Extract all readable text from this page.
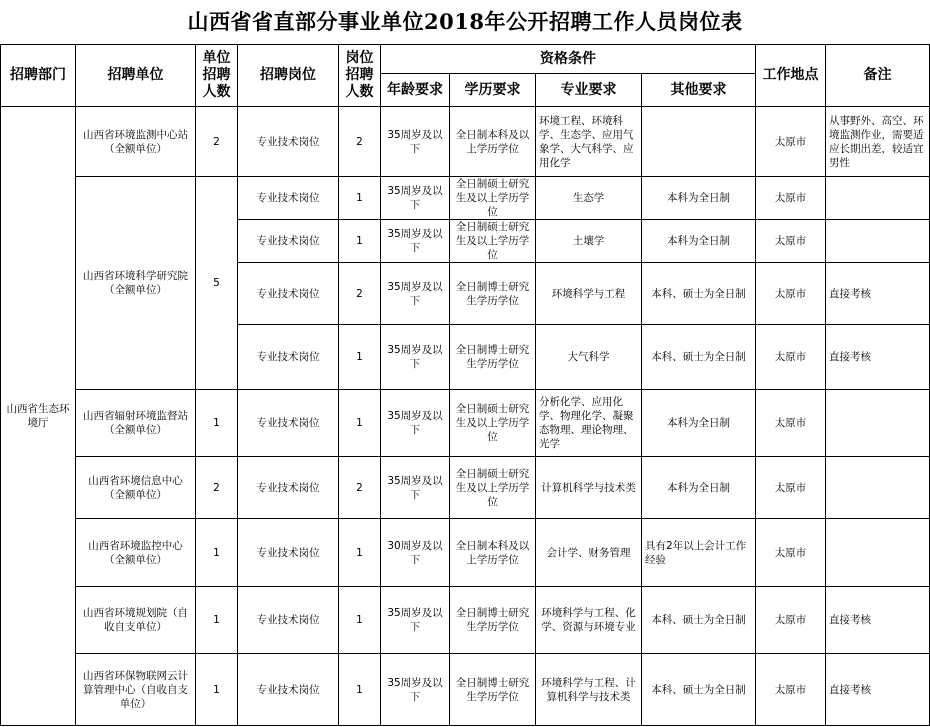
山西省省直部分事业单位2018年公开招聘工作人员岗位表
招聘部门	招聘单位	单位招聘人数	招聘岗位	岗位招聘人数	资格条件				工作地点	备注
					年龄要求	学历要求	专业要求	其他要求		
山西省生态环境厅	山西省环境监测中心站（全额单位）	2	专业技术岗位	2	35周岁及以下	全日制本科及以上学历学位	环境工程、环境科学、生态学、应用气象学、大气科学、应用化学		太原市	从事野外、高空、环境监测作业，需要适应长期出差，较适宜男性
	山西省环境科学研究院（全额单位）	5	专业技术岗位	1	35周岁及以下	全日制硕士研究生及以上学历学位	生态学	本科为全日制	太原市	
			专业技术岗位	1	35周岁及以下	全日制硕士研究生及以上学历学位	土壤学	本科为全日制	太原市	
			专业技术岗位	2	35周岁及以下	全日制博士研究生学历学位	环境科学与工程	本科、硕士为全日制	太原市	直接考核
			专业技术岗位	1	35周岁及以下	全日制博士研究生学历学位	大气科学	本科、硕士为全日制	太原市	直接考核
	山西省辐射环境监督站（全额单位）	1	专业技术岗位	1	35周岁及以下	全日制硕士研究生及以上学历学位	分析化学、应用化学、物理化学、凝聚态物理、理论物理、光学	本科为全日制	太原市	
	山西省环境信息中心（全额单位）	2	专业技术岗位	2	35周岁及以下	全日制硕士研究生及以上学历学位	计算机科学与技术类	本科为全日制	太原市	
	山西省环境监控中心（全额单位）	1	专业技术岗位	1	30周岁及以下	全日制本科及以上学历学位	会计学、财务管理	具有2年以上会计工作经验	太原市	
	山西省环境规划院（自收自支单位）	1	专业技术岗位	1	35周岁及以下	全日制博士研究生学历学位	环境科学与工程、化学、资源与环境专业	本科、硕士为全日制	太原市	直接考核
	山西省环保物联网云计算管理中心（自收自支单位）	1	专业技术岗位	1	35周岁及以下	全日制博士研究生学历学位	环境科学与工程、计算机科学与技术类	本科、硕士为全日制	太原市	直接考核
